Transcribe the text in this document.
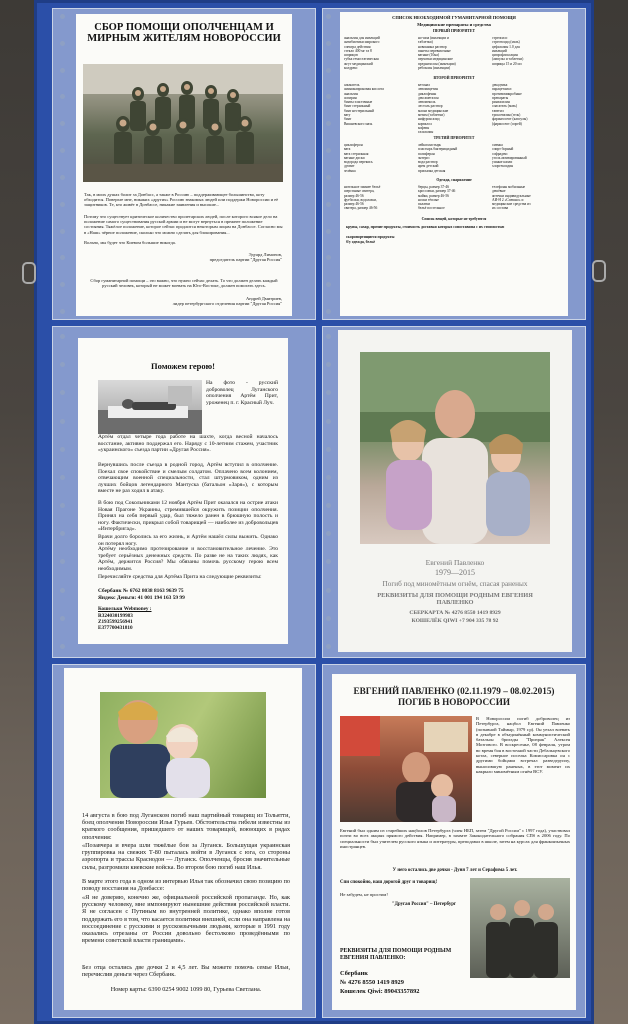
СБОР ПОМОЩИ ОПОЛЧЕНЦАМ И МИРНЫМ ЖИТЕЛЯМ НОВОРОССИИ
Так, в моих душах болит за Донбасс, а также в Россию – поддерживающее большинство, коту обходится. Поверьте мне, никаких «других» Россию знакомых людей или поддержи Новороссии и её защитников. Те, кто живёт в Донбассе, никакие заявления и высокие...
Потому что существует критическое количество пролетарских людей, после которого всякое дело на положение самого существования русской армии и не могут вернуться в прежнее положение состояния. Тяжёлое положение, которое сейчас продлится некоторым лицам на Донбассе. Согласно мы в «Наш» чёрное положение, сколько что можно сделать для блокирования...
Вольно, мы будет что Киевом большие никогда.
Эдуард Лимонов,
председатель партии "Другая Россия"
Сбор гуманитарной помощи – это важно, что нужно сейчас делать. То что должен делать каждый русский человек, который не может воевать на Юго-Востоке, должен помогать здесь.
Андрей Дмитриев,
лидер петербургского отделения партии "Другая Россия"
СПИСОК НЕОБХОДИМОЙ ГУМАНИТАРНОЙ ПОМОЩИ
Медицинские препараты и средства
ПЕРВЫЙ ПРИОРИТЕТ
анальгин для инъекций
антибиотики широкого
спектра действия
стекло 400 мг та 8
шприцов
губка гемостатическая
жгут медицинский
колдрекс
но-шпа (инъекции и
таблетки)
новокаина раствор
пакеты перевязочные
ватные (10на)
перчатки медицинские
преднизолон (инъекции)
ребоксин (инъекции)
стрепсилс
стрептоцид (мазь)
цефазолин 1.0 для
инъекций
ципрофлоксацин
(ампулы и таблетки)
шприцы 15 и 20 мл
ВТОРОЙ ПРИОРИТЕТ
альмагель
аминокапроновая кислота
анальгин
аспирин
бинты эластичные
бинт стерильный
бинт нестерильный
вату
бинт
Вишневского мазь
кетонал
левомицетин
диклофенак
дексаметазон
левомеколь
лестоль раствор
маски медицинские
мезим (таблетки)
нифуроксазид
корвалол
кофеин
галазолин
декадтика
парацетамол
противомикробные
препараты
ринзасилин
спасатель (мазь)
тавегил
троксевазин (гель)
фарингосепт (капсулы)
(фармосепт (спрей)
ТРЕТИЙ ПРИОРИТЕТ
циклоферон
вата
вата стерильная
ватные диски
водорода перекись
дуовит
зелёнка
лейкопластырь
пластырь бактерицидный
полиферан
энтерос
вода раствор
ярем детский
присыпка детская
сменка
спирт борный
софрадекс
уголь активированный
ушные капли
хлоргексидин
Одежда, снаряжение
нательное зимнее бельё
шерстяные свитера,
размер 46-56
футболки, водолазки,
размер 46-56
свитера, размер 46-56
берцы, размер 37-46
кроссовки, размер 37-46
майки, размер 46-56
носки тёплые
палатки
бельё постельное
телефоны мобильные
дешёвые
аптечки индивидуальные
АИ-Н 2 «Спешно» и
медицинские средства из
их состава
Список вещей, которые не требуются
крупы, сахар, прочие продукты, стоимость доставки которых сопоставима с их стоимостью
скоропортящиеся продукты
б/у одежда, бельё
Поможем герою!
На фото - русский доброволец Луганского ополчения Артём Прит, уроженец п. г. Красный Луч.
Артём отдал четыре года работе на шахте, когда весной началось восстание, активно поддержал его. Наряду с 10-летним стажем, участник «украинского» съезда партии «Другая Россия».
Вернувшись после съезда в родной город, Артём вступил в ополчение. Поехал свое спокойствие и смелым солдатом. Оплачено всем колонием, отвечающим военной специальности, стал штурмовиком, одним из лучших бойцов легендарного Мантуска (батальон «Заря»), с которым вместе не раз ходил в атаку.
В бою под Сокольниками 12 ноября Артём Прит оказался на острие атаки Новая Прагоне Украины, стремившейся окружить позиции ополчения. Принял на себя первый удар, был тяжело ранен в брюшную полость и ногу. Фактически, прикрыл собой товарищей — наиболее из добровольцев «Интербригад».
Врачи долго боролись за его жизнь, и Артём нашёл силы выжить. Однако он потерял ногу.
Артёму необходимо протезирование и восстановительное лечение. Это требует серьёзных денежных средств. По разве не на таких людях, как Артём, держится Россия? Мы обязаны помочь русскому герою всем необходимым.
Перечисляйте средства для Артёма Прита на следующие реквизиты:
Сбербанк № 6762 8038 8163 9639 75
Яндекс Деньги: 41 001 194 163 59 99
Кошельки Webmoney :
R324030199983
Z193599256941
E377700431810
Евгений Павленко
1979—2015
Погиб под миномётным огнём, спасая раненых
РЕКВИЗИТЫ ДЛЯ ПОМОЩИ РОДНЫМ ЕВГЕНИЯ ПАВЛЕНКО
СБЕРКАРТА № 4276 8550 1419 8929
КОШЕЛЁК QIWI +7 904 335 78 92
14 августа в бою под Луганском погиб наш партийный товарищ из Тольятти, боец ополчения Новороссии Илья Гурьев. Обстоятельства гибели известны из краткого сообщения, пришедшего от наших товарищей, воюющих в рядах ополчения:
«Позавчера и вчера шли тяжёлые бои за Луганск. Большущая украинская группировка на свежих Т-80 пыталась войти в Луганск с юга, со стороны аэропорта и трассы Краснодон — Луганск. Ополченцы, бросив значительные силы, разгромили киевские войска. Во втором бою погиб наш Илья.
В марте этого года в одном из интервью Илья так обозначил свою позицию по поводу восстания на Донбассе:
«Я не доверяю, конечно же, официальной российской пропаганде. Но, как русскому человеку, мне импонируют нынешние действия российской власти. Я не согласен с Путиным во внутренней политике, однако вполне готов поддержать его в том, что касается политики внешней, если она направлена на воссоединение с русскими и русскоязычными людьми, которые в 1991 году оказались отрезаны от России довольно бестолково проведёнными по времени советской власти границами».
Без отца остались две дочки 2 и 4,5 лет. Вы можете помочь семье Ильи, перечислив деньги через Сбербанк.
Номер карты: 6390 0254 9002 1099 80, Гурьева Светлана.
ЕВГЕНИЙ ПАВЛЕНКО (02.11.1979 – 08.02.2015) ПОГИБ В НОВОРОССИИ
В Новороссии погиб доброволец из Петербурга, нацбол Евгений Павленко (позывной Таймыр, 1979 г.р). Он уехал воевать в декабре в объединённый коммунистический батальон бригады "Призрак" Алексея Мозгового. В воскресенье, 08 февраля, утром во время боя в восточной части Дебальцевского котла, северное поселка Комиссаровка он с другими бойцами встречал разведгруппу, выносившую раненых, в этот момент их накрыло миномётным огнём ВСУ.
Евгений был одним из старейших нацболов Петербурга (член НБП, затем "Другой России" с 1997 года), участвовал почти во всех акциях прямого действия. Например, в захвате Законодательного собрания СПб в 2006 году. По специальности был учителем русского языка и литературы, преподавал в школе, затем на курсах для франкоязычных иностранцев.
У него остались две дочки - Дуня 7 лет и Серафима 5 лет.
Спи спокойно, наш дорогой друг и товарищ!
Не забудем, не простим!
"Другая Россия" – Петербург
РЕКВИЗИТЫ ДЛЯ ПОМОЩИ РОДНЫМ ЕВГЕНИЯ ПАВЛЕНКО:
Сбербанк
№ 4276 8550 1419 8929
Кошелек Qiwi: 89043357892
